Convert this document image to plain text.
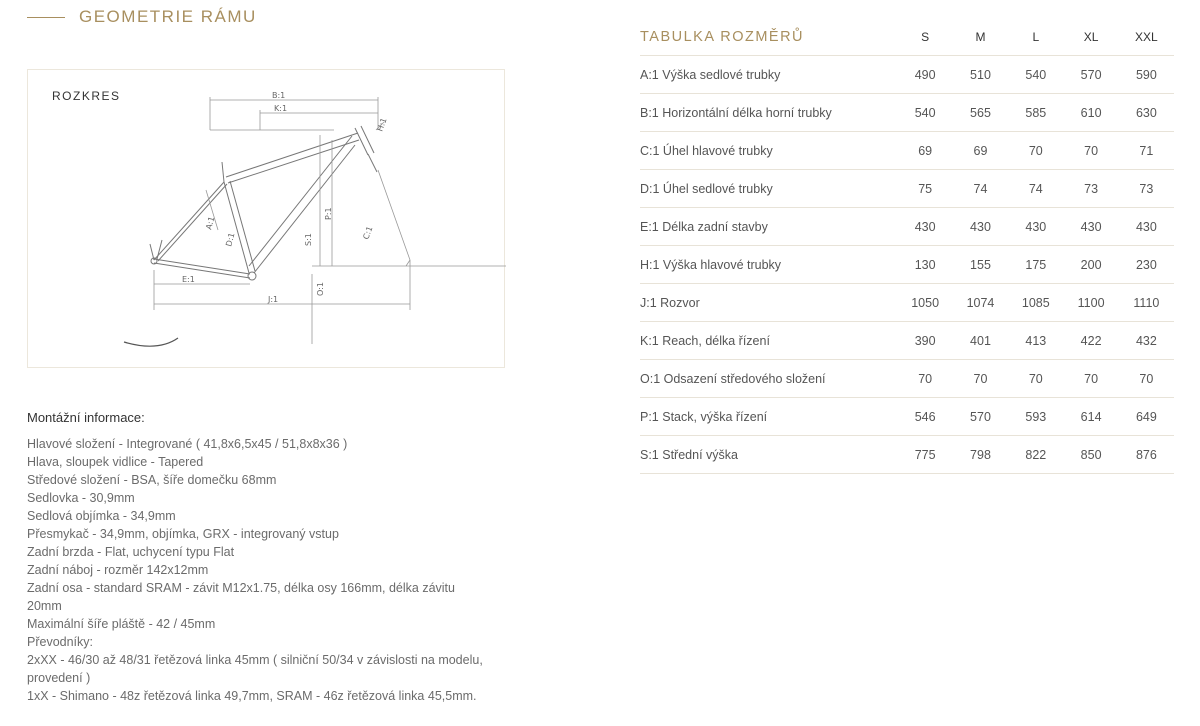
GEOMETRIE RÁMU
ROZKRES	B:1
K:1
A:1
D:1	S:1
P:1
C:1
H:1
E:1
J:1
O:1
Montážní informace:
Hlavové složení - Integrované ( 41,8x6,5x45 / 51,8x8x36 )
Hlava, sloupek vidlice - Tapered
Středové složení - BSA, šíře domečku 68mm
Sedlovka - 30,9mm
Sedlová objímka - 34,9mm
Přesmykač - 34,9mm, objímka, GRX - integrovaný vstup
Zadní brzda - Flat, uchycení typu Flat
Zadní náboj - rozměr 142x12mm
Zadní osa - standard SRAM - závit M12x1.75, délka osy 166mm, délka závitu 20mm
Maximální šíře pláště - 42 / 45mm
Převodníky:
2xXX - 46/30 až 48/31 řetězová linka 45mm ( silniční 50/34 v závislosti na modelu, provedení )
1xX - Shimano - 48z řetězová linka 49,7mm, SRAM - 46z řetězová linka 45,5mm.
TABULKA ROZMĚRŮ	S	M	L	XL	XXL
A:1 Výška sedlové trubky	490	510	540	570	590
B:1 Horizontální délka horní trubky	540	565	585	610	630
C:1 Úhel hlavové trubky	69	69	70	70	71
D:1 Úhel sedlové trubky	75	74	74	73	73
E:1 Délka zadní stavby	430	430	430	430	430
H:1 Výška hlavové trubky	130	155	175	200	230
J:1 Rozvor	1050	1074	1085	1100	1110
K:1 Reach, délka řízení	390	401	413	422	432
O:1 Odsazení středového složení	70	70	70	70	70
P:1 Stack, výška řízení	546	570	593	614	649
S:1 Střední výška	775	798	822	850	876
